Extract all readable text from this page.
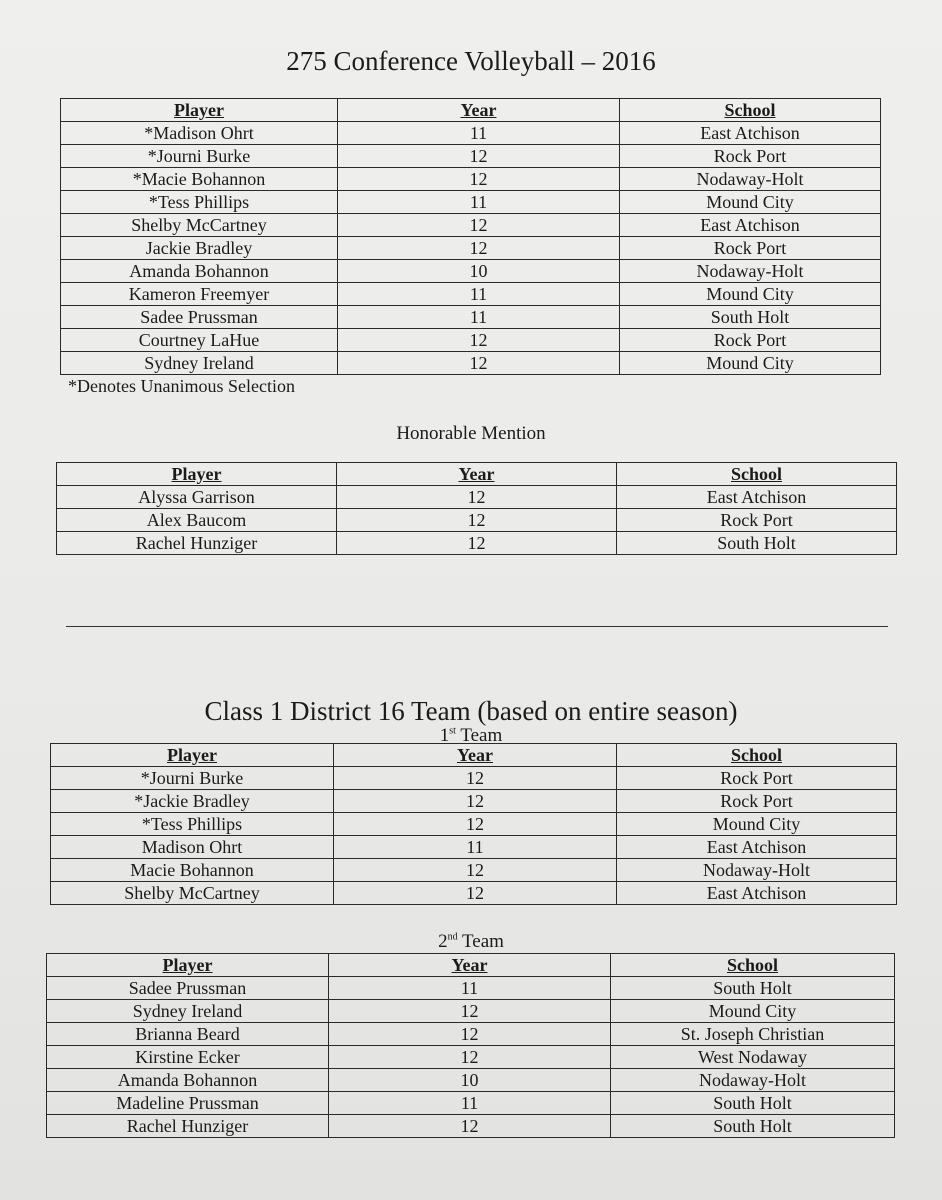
275 Conference Volleyball – 2016
Player	Year	School
*Madison Ohrt	11	East Atchison
*Journi Burke	12	Rock Port
*Macie Bohannon	12	Nodaway-Holt
*Tess Phillips	11	Mound City
Shelby McCartney	12	East Atchison
Jackie Bradley	12	Rock Port
Amanda Bohannon	10	Nodaway-Holt
Kameron Freemyer	11	Mound City
Sadee Prussman	11	South Holt
Courtney LaHue	12	Rock Port
Sydney Ireland	12	Mound City
*Denotes Unanimous Selection
Honorable Mention
Player	Year	School
Alyssa Garrison	12	East Atchison
Alex Baucom	12	Rock Port
Rachel Hunziger	12	South Holt
Class 1 District 16 Team (based on entire season)
1st Team
Player	Year	School
*Journi Burke	12	Rock Port
*Jackie Bradley	12	Rock Port
*Tess Phillips	12	Mound City
Madison Ohrt	11	East Atchison
Macie Bohannon	12	Nodaway-Holt
Shelby McCartney	12	East Atchison
2nd Team
Player	Year	School
Sadee Prussman	11	South Holt
Sydney Ireland	12	Mound City
Brianna Beard	12	St. Joseph Christian
Kirstine Ecker	12	West Nodaway
Amanda Bohannon	10	Nodaway-Holt
Madeline Prussman	11	South Holt
Rachel Hunziger	12	South Holt
